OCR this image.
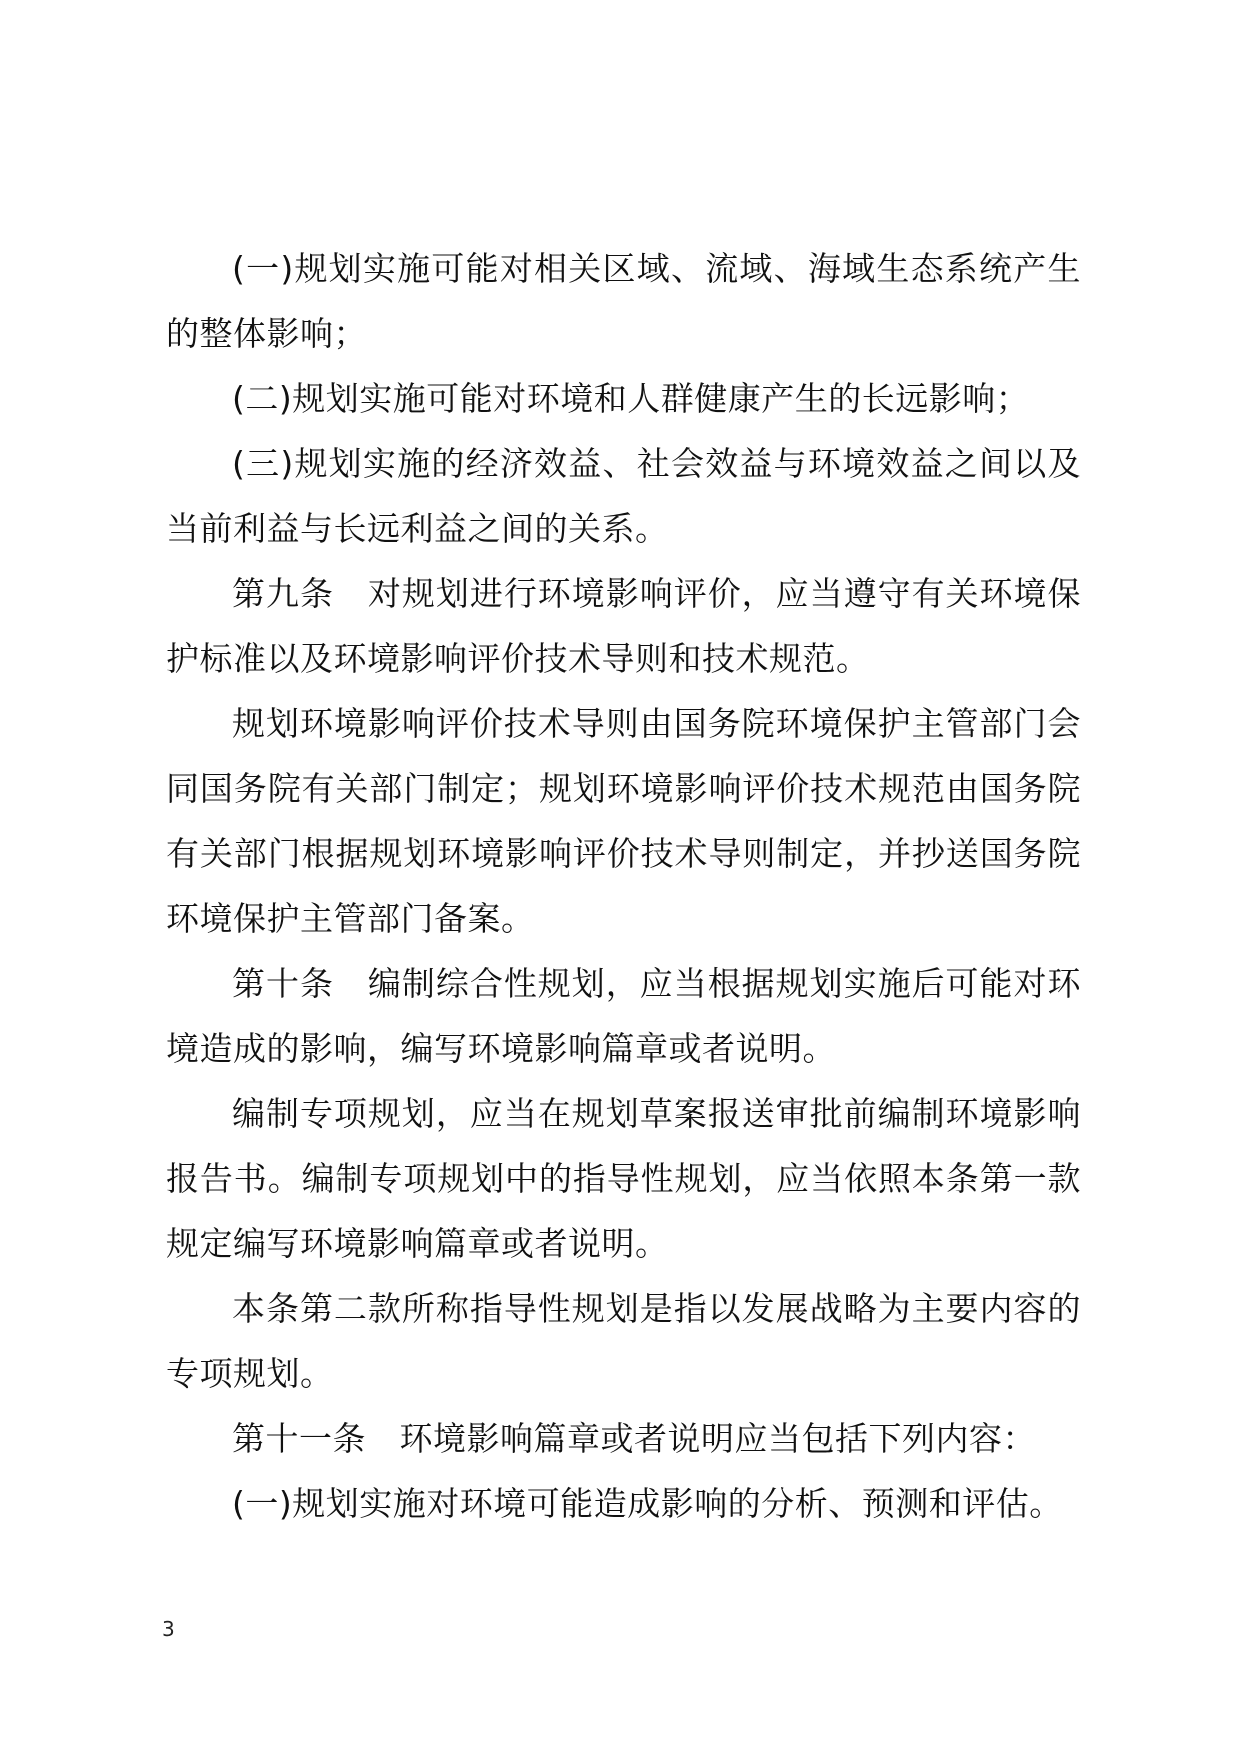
(一)规划实施可能对相关区域、流域、海域生态系统产生的整体影响；

(二)规划实施可能对环境和人群健康产生的长远影响；

(三)规划实施的经济效益、社会效益与环境效益之间以及当前利益与长远利益之间的关系。

第九条　对规划进行环境影响评价，应当遵守有关环境保护标准以及环境影响评价技术导则和技术规范。

规划环境影响评价技术导则由国务院环境保护主管部门会同国务院有关部门制定；规划环境影响评价技术规范由国务院有关部门根据规划环境影响评价技术导则制定，并抄送国务院环境保护主管部门备案。

第十条　编制综合性规划，应当根据规划实施后可能对环境造成的影响，编写环境影响篇章或者说明。

编制专项规划，应当在规划草案报送审批前编制环境影响报告书。编制专项规划中的指导性规划，应当依照本条第一款规定编写环境影响篇章或者说明。

本条第二款所称指导性规划是指以发展战略为主要内容的专项规划。

第十一条　环境影响篇章或者说明应当包括下列内容：

(一)规划实施对环境可能造成影响的分析、预测和评估。

3
